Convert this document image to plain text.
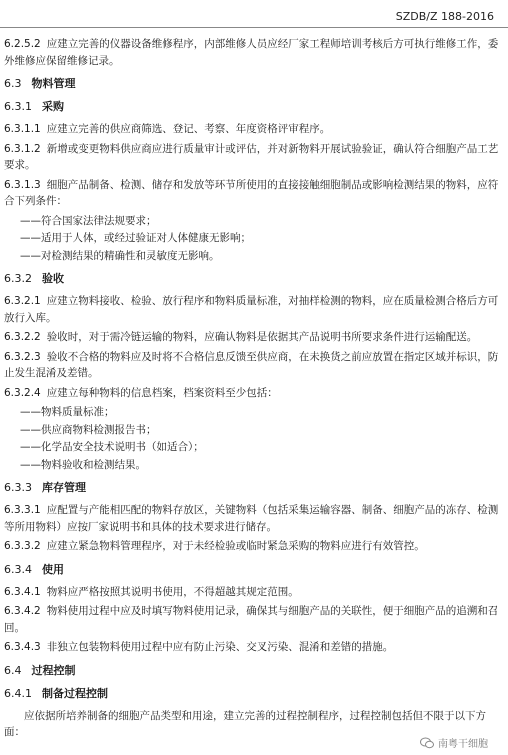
SZDB/Z 188-2016
6.2.5.2 应建立完善的仪器设备维修程序，内部维修人员应经厂家工程师培训考核后方可执行维修工作，委外维修应保留维修记录。
6.3 物料管理
6.3.1 采购
6.3.1.1 应建立完善的供应商筛选、登记、考察、年度资格评审程序。
6.3.1.2 新增或变更物料供应商应进行质量审计或评估，并对新物料开展试验验证，确认符合细胞产品工艺要求。
6.3.1.3 细胞产品制备、检测、储存和发放等环节所使用的直接接触细胞制品或影响检测结果的物料，应符合下列条件：
——符合国家法律法规要求；
——适用于人体，或经过验证对人体健康无影响；
——对检测结果的精确性和灵敏度无影响。
6.3.2 验收
6.3.2.1 应建立物料接收、检验、放行程序和物料质量标准，对抽样检测的物料，应在质量检测合格后方可放行入库。
6.3.2.2 验收时，对于需冷链运输的物料，应确认物料是依据其产品说明书所要求条件进行运输配送。
6.3.2.3 验收不合格的物料应及时将不合格信息反馈至供应商，在未换货之前应放置在指定区域并标识，防止发生混淆及差错。
6.3.2.4 应建立每种物料的信息档案，档案资料至少包括：
——物料质量标准；
——供应商物料检测报告书；
——化学品安全技术说明书（如适合）；
——物料验收和检测结果。
6.3.3 库存管理
6.3.3.1 应配置与产能相匹配的物料存放区，关键物料（包括采集运输容器、制备、细胞产品的冻存、检测等所用物料）应按厂家说明书和具体的技术要求进行储存。
6.3.3.2 应建立紧急物料管理程序，对于未经检验或临时紧急采购的物料应进行有效管控。
6.3.4 使用
6.3.4.1 物料应严格按照其说明书使用，不得超越其规定范围。
6.3.4.2 物料使用过程中应及时填写物料使用记录，确保其与细胞产品的关联性，便于细胞产品的追溯和召回。
6.3.4.3 非独立包装物料使用过程中应有防止污染、交叉污染、混淆和差错的措施。
6.4 过程控制
6.4.1 制备过程控制
应依据所培养制备的细胞产品类型和用途，建立完善的过程控制程序，过程控制包括但不限于以下方面：
南粤干细胞
